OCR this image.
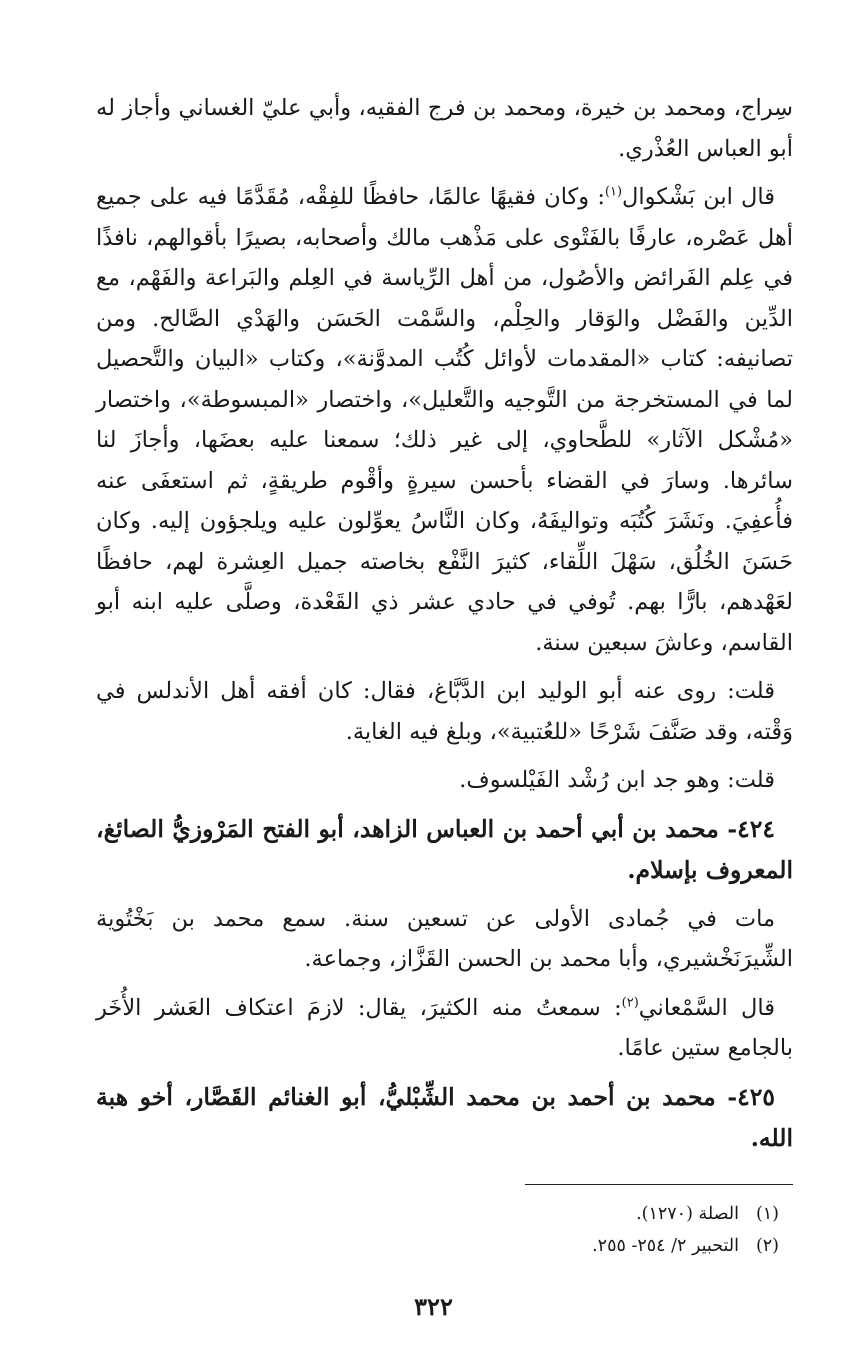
سِراج، ومحمد بن خيرة، ومحمد بن فرج الفقيه، وأبي عليّ الغساني وأجاز له أبو العباس العُذْري.

قال ابن بَشْكوال$^{(١)}$: وكان فقيهًا عالمًا، حافظًا للفِقْه، مُقَدَّمًا فيه على جميع أهل عَصْره، عارفًا بالفَتْوى على مَذْهب مالك وأصحابه، بصيرًا بأقوالهم، نافذًا في عِلم الفَرائض والأصُول، من أهل الرِّياسة في العِلم والبَراعة والفَهْم، مع الدِّين والفَضْل والوَقار والحِلْم، والسَّمْت الحَسَن والهَدْي الصَّالح. ومن تصانيفه: كتاب «المقدمات لأوائل كُتُب المدوَّنة»، وكتاب «البيان والتَّحصيل لما في المستخرجة من التَّوجيه والتَّعليل»، واختصار «المبسوطة»، واختصار «مُشْكل الآثار» للطَّحاوي، إلى غير ذلك؛ سمعنا عليه بعضَها، وأجازَ لنا سائرها. وسارَ في القضاء بأحسن سيرةٍ وأقْوم طريقةٍ، ثم استعفَى عنه فأُعفِيَ. ونَشَرَ كُتُبَه وتواليفَهُ، وكان النَّاسُ يعوِّلون عليه ويلجؤون إليه. وكان حَسَنَ الخُلُق، سَهْلَ اللِّقاء، كثيرَ النَّفْع بخاصته جميل العِشرة لهم، حافظًا لعَهْدهم، بارًّا بهم. تُوفي في حادي عشر ذي القَعْدة، وصلَّى عليه ابنه أبو القاسم، وعاشَ سبعين سنة.

قلت: روى عنه أبو الوليد ابن الدَّبَّاغ، فقال: كان أفقه أهل الأندلس في وَقْته، وقد صَنَّفَ شَرْحًا «للعُتبية»، وبلغ فيه الغاية.

قلت: وهو جد ابن رُشْد الفَيْلسوف.

٤٢٤- محمد بن أبي أحمد بن العباس الزاهد، أبو الفتح المَرْوزيُّ الصائغ، المعروف بإسلام.

مات في جُمادى الأولى عن تسعين سنة. سمع محمد بن بَخْتُوية الشِّيرَنَخْشيري، وأبا محمد بن الحسن القَزَّاز، وجماعة.

قال السَّمْعاني$^{(٢)}$: سمعتُ منه الكثيرَ، يقال: لازمَ اعتكاف العَشر الأُخَر بالجامع ستين عامًا.

٤٢٥- محمد بن أحمد بن محمد الشِّبْليُّ، أبو الغنائم القَصَّار، أخو هبة الله.

(١)الصلة (١٢٧٠).
(٢)التحبير ٢/ ٢٥٤- ٢٥٥.
٣٢٢
